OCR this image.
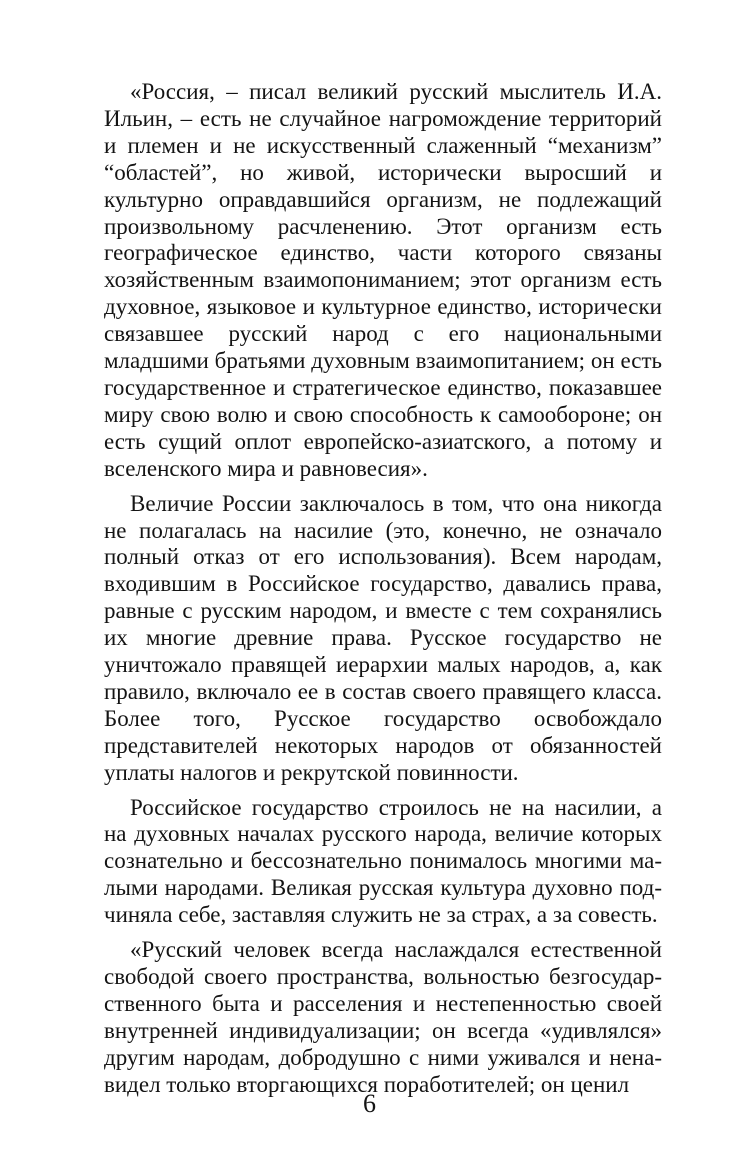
«Россия, – писал великий русский мыслитель И.А. Ильин, – есть не случайное нагромождение территорий и племен и не искусственный слаженный “механизм” “областей”, но живой, исторически выросший и культурно оправдавшийся организм, не подлежащий произвольному расчленению. Этот организм есть географическое единство, части которого связаны хозяйственным взаимопониманием; этот организм есть духовное, языковое и культурное единство, исторически связавшее русский народ с его национальными младшими братьями духовным взаимопитанием; он есть государственное и стратегическое единство, показавшее миру свою волю и свою способность к самообороне; он есть сущий оплот европейско-азиатского, а потому и вселенского мира и равновесия».

Величие России заключалось в том, что она никогда не полагалась на насилие (это, конечно, не означало полный отказ от его использования). Всем народам, входившим в Российское государство, давались права, равные с русским народом, и вместе с тем сохранялись их многие древние права. Русское государство не уничтожало правящей иерархии малых народов, а, как правило, включало ее в состав своего правящего класса. Более того, Русское государство освобождало представителей некоторых народов от обязанностей уплаты налогов и рекрутской повинности.

Российское государство строилось не на насилии, а на духовных началах русского народа, величие которых сознательно и бессознательно понималось многими малыми народами. Великая русская культура духовно подчиняла себе, заставляя служить не за страх, а за совесть.

«Русский человек всегда наслаждался естественной свободой своего пространства, вольностью безгосударственного быта и расселения и нестепенностью своей внутренней индивидуализации; он всегда «удивлялся» другим народам, добродушно с ними уживался и ненавидел только вторгающихся поработителей; он ценил

6
